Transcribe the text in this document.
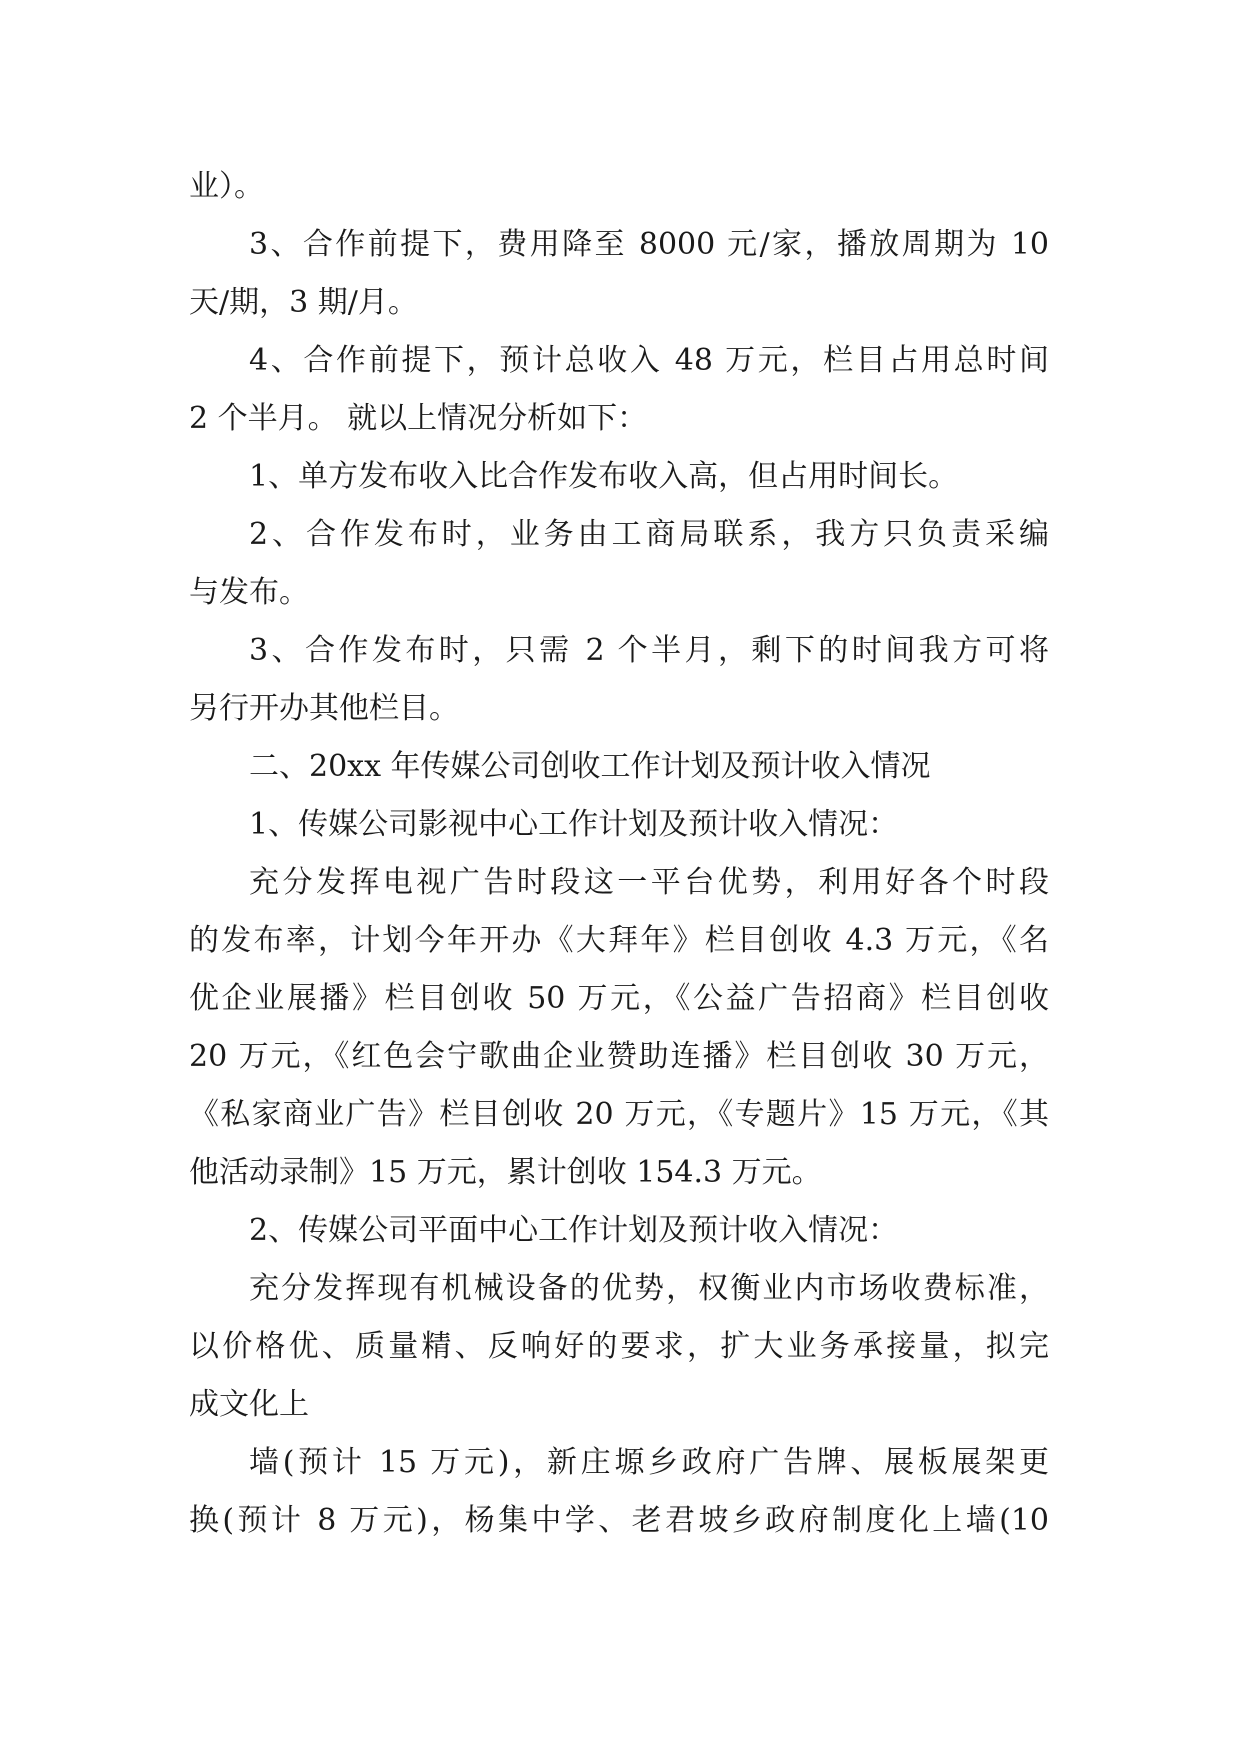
业）。
3、合作前提下，费用降至 8000 元/家，播放周期为 10
天/期，3 期/月。
4、合作前提下，预计总收入 48 万元，栏目占用总时间
2 个半月。 就以上情况分析如下：
1、单方发布收入比合作发布收入高，但占用时间长。
2、合作发布时，业务由工商局联系，我方只负责采编
与发布。
3、合作发布时，只需 2 个半月，剩下的时间我方可将
另行开办其他栏目。
二、20xx 年传媒公司创收工作计划及预计收入情况
1、传媒公司影视中心工作计划及预计收入情况：
充分发挥电视广告时段这一平台优势，利用好各个时段
的发布率，计划今年开办《大拜年》栏目创收 4.3 万元，《名
优企业展播》栏目创收 50 万元，《公益广告招商》栏目创收
20 万元，《红色会宁歌曲企业赞助连播》栏目创收 30 万元，
《私家商业广告》栏目创收 20 万元，《专题片》15 万元，《其
他活动录制》15 万元，累计创收 154.3 万元。
2、传媒公司平面中心工作计划及预计收入情况：
充分发挥现有机械设备的优势，权衡业内市场收费标准，
以价格优、质量精、反响好的要求，扩大业务承接量，拟完
成文化上
墙(预计 15 万元)，新庄塬乡政府广告牌、展板展架更
换(预计 8 万元)，杨集中学、老君坡乡政府制度化上墙(10
